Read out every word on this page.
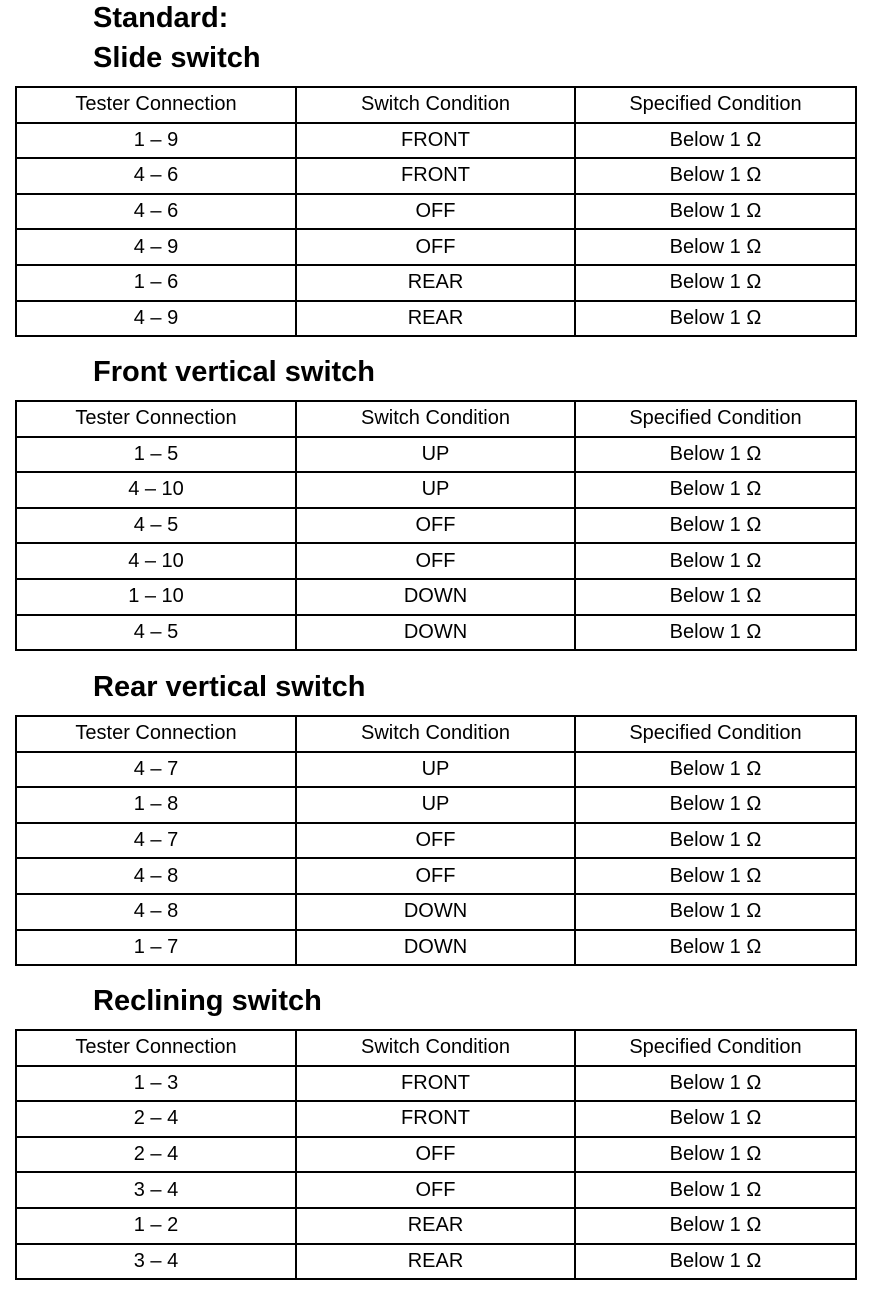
Standard:
Slide switch
Tester Connection	Switch Condition	Specified Condition
1 – 9	FRONT	Below 1 Ω
4 – 6	FRONT	Below 1 Ω
4 – 6	OFF	Below 1 Ω
4 – 9	OFF	Below 1 Ω
1 – 6	REAR	Below 1 Ω
4 – 9	REAR	Below 1 Ω
Front vertical switch
Tester Connection	Switch Condition	Specified Condition
1 – 5	UP	Below 1 Ω
4 – 10	UP	Below 1 Ω
4 – 5	OFF	Below 1 Ω
4 – 10	OFF	Below 1 Ω
1 – 10	DOWN	Below 1 Ω
4 – 5	DOWN	Below 1 Ω
Rear vertical switch
Tester Connection	Switch Condition	Specified Condition
4 – 7	UP	Below 1 Ω
1 – 8	UP	Below 1 Ω
4 – 7	OFF	Below 1 Ω
4 – 8	OFF	Below 1 Ω
4 – 8	DOWN	Below 1 Ω
1 – 7	DOWN	Below 1 Ω
Reclining switch
Tester Connection	Switch Condition	Specified Condition
1 – 3	FRONT	Below 1 Ω
2 – 4	FRONT	Below 1 Ω
2 – 4	OFF	Below 1 Ω
3 – 4	OFF	Below 1 Ω
1 – 2	REAR	Below 1 Ω
3 – 4	REAR	Below 1 Ω
